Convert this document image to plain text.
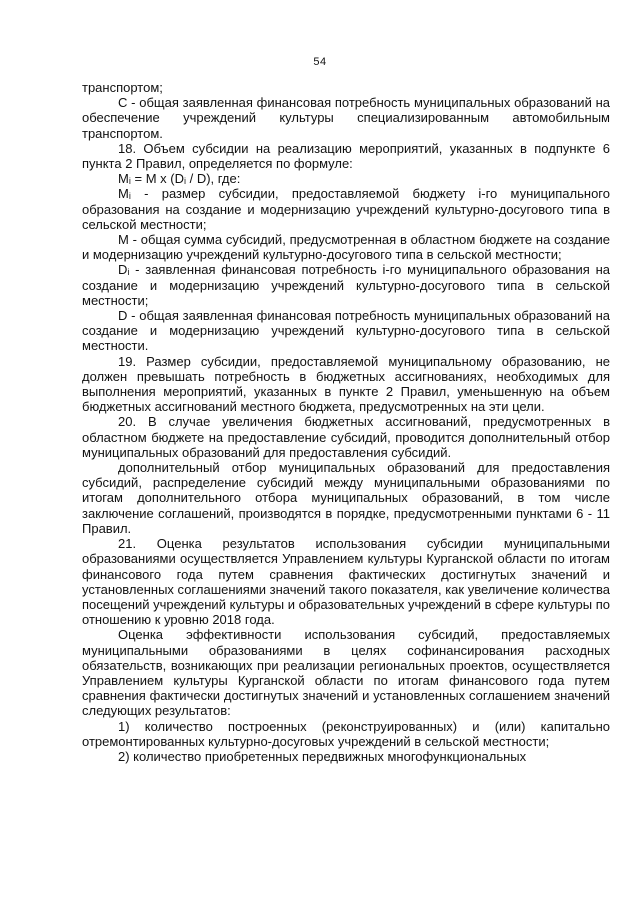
54

транспортом;

С - общая заявленная финансовая потребность муниципальных образований на обеспечение учреждений культуры специализированным автомобильным транспортом.

18. Объем субсидии на реализацию мероприятий, указанных в подпункте 6 пункта 2 Правил, определяется по формуле:

Mᵢ = M x (Dᵢ / D), где:

Mᵢ - размер субсидии, предоставляемой бюджету i-го муниципального образования на создание и модернизацию учреждений культурно-досугового типа в сельской местности;

M - общая сумма субсидий, предусмотренная в областном бюджете на создание и модернизацию учреждений культурно-досугового типа в сельской местности;

Dᵢ - заявленная финансовая потребность i-го муниципального образования на создание и модернизацию учреждений культурно-досугового типа в сельской местности;

D - общая заявленная финансовая потребность муниципальных образований на создание и модернизацию учреждений культурно-досугового типа в сельской местности.

19. Размер субсидии, предоставляемой муниципальному образованию, не должен превышать потребность в бюджетных ассигнованиях, необходимых для выполнения мероприятий, указанных в пункте 2 Правил, уменьшенную на объем бюджетных ассигнований местного бюджета, предусмотренных на эти цели.

20. В случае увеличения бюджетных ассигнований, предусмотренных в областном бюджете на предоставление субсидий, проводится дополнительный отбор муниципальных образований для предоставления субсидий.

дополнительный отбор муниципальных образований для предоставления субсидий, распределение субсидий между муниципальными образованиями по итогам дополнительного отбора муниципальных образований, в том числе заключение соглашений, производятся в порядке, предусмотренными пунктами 6 - 11 Правил.

21. Оценка результатов использования субсидии муниципальными образованиями осуществляется Управлением культуры Курганской области по итогам финансового года путем сравнения фактических достигнутых значений и установленных соглашениями значений такого показателя, как увеличение количества посещений учреждений культуры и образовательных учреждений в сфере культуры по отношению к уровню 2018 года.

Оценка эффективности использования субсидий, предоставляемых муниципальными образованиями в целях софинансирования расходных обязательств, возникающих при реализации региональных проектов, осуществляется Управлением культуры Курганской области по итогам финансового года путем сравнения фактически достигнутых значений и установленных соглашением значений следующих результатов:

1) количество построенных (реконструированных) и (или) капитально отремонтированных культурно-досуговых учреждений в сельской местности;

2) количество приобретенных передвижных многофункциональных
